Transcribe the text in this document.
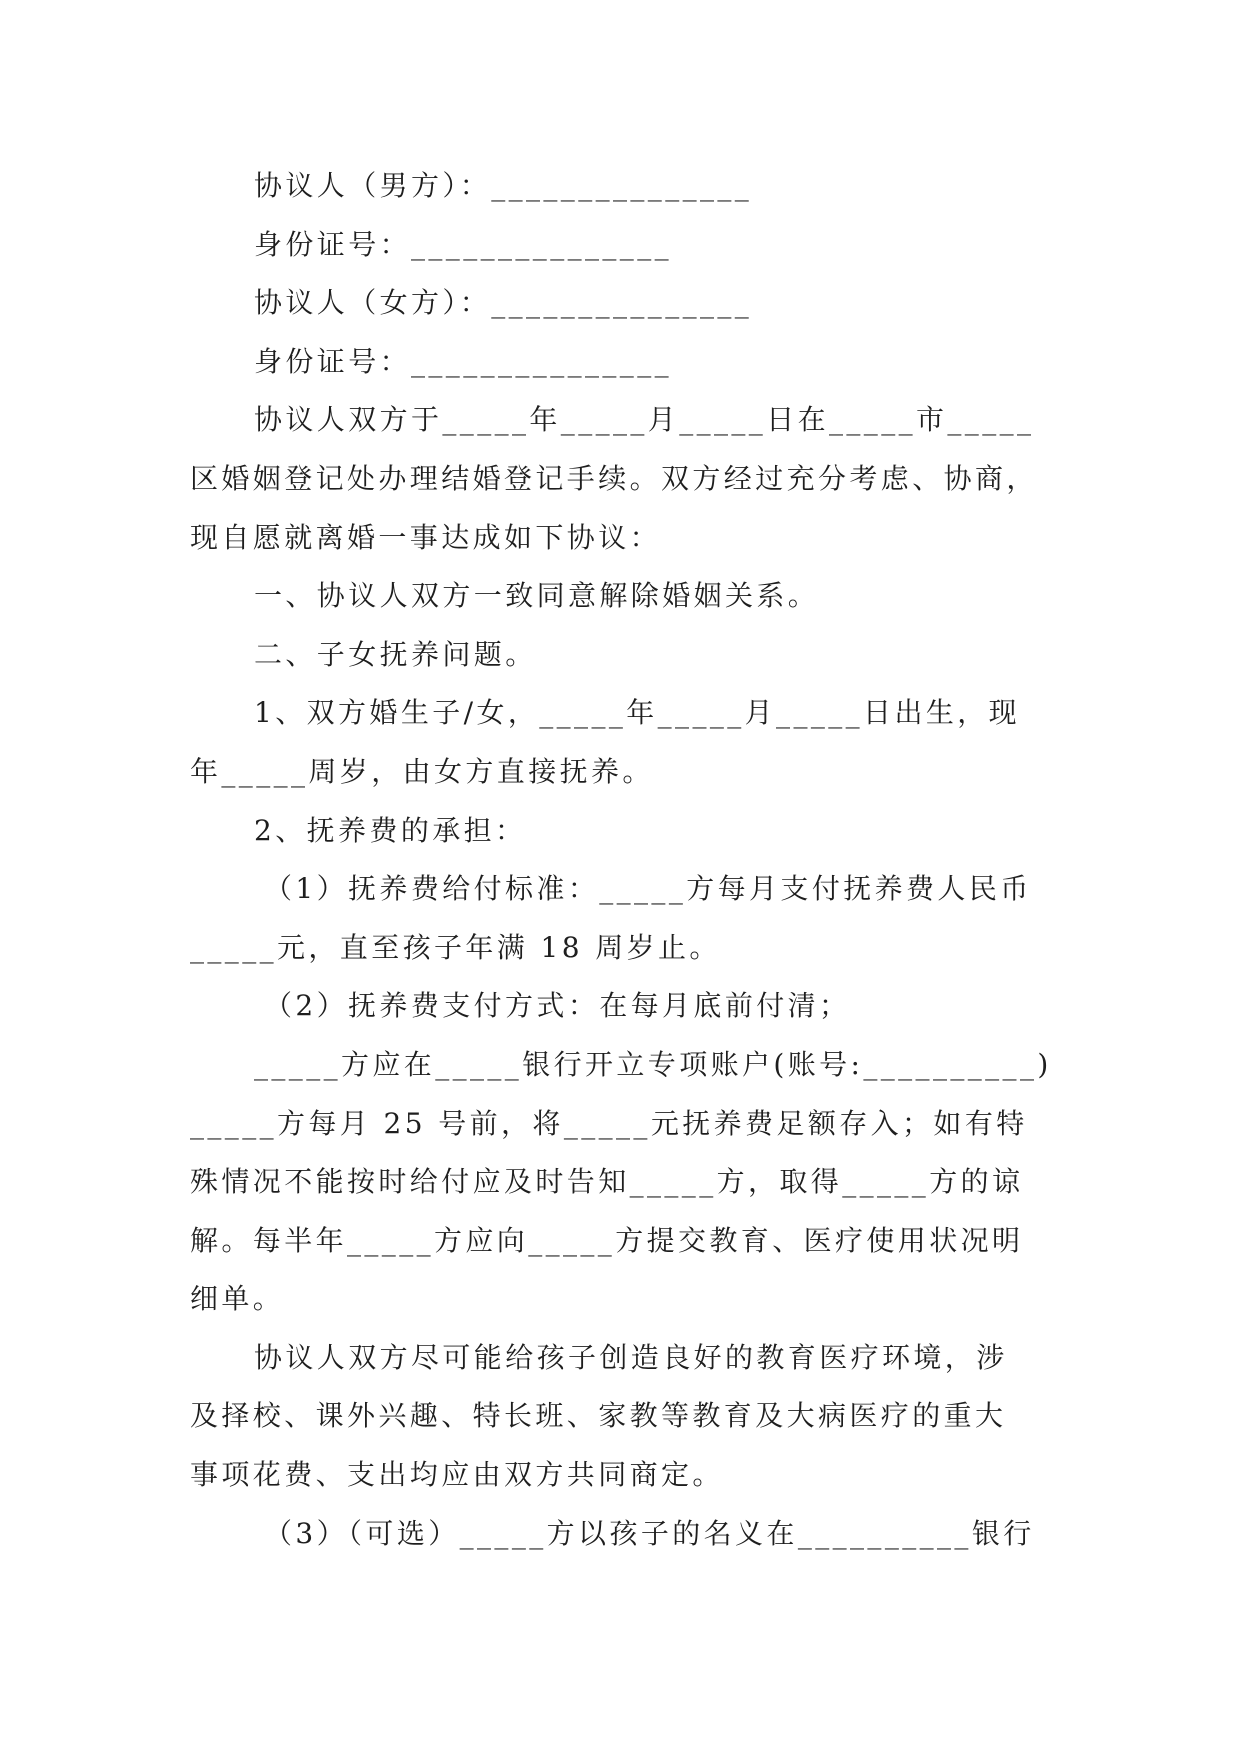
协议人（男方）：_______________

身份证号：_______________

协议人（女方）：_______________

身份证号：_______________

协议人双方于_____年_____月_____日在_____市_____

区婚姻登记处办理结婚登记手续。双方经过充分考虑、协商，

现自愿就离婚一事达成如下协议：

一、协议人双方一致同意解除婚姻关系。

二、子女抚养问题。

1、双方婚生子/女，_____年_____月_____日出生，现

年_____周岁，由女方直接抚养。

2、抚养费的承担：

（1）抚养费给付标准：_____方每月支付抚养费人民币

_____元，直至孩子年满 18 周岁止。

（2）抚养费支付方式：在每月底前付清；

_____方应在_____银行开立专项账户(账号:__________)

_____方每月 25 号前，将_____元抚养费足额存入；如有特

殊情况不能按时给付应及时告知_____方，取得_____方的谅

解。每半年_____方应向_____方提交教育、医疗使用状况明

细单。

协议人双方尽可能给孩子创造良好的教育医疗环境，涉

及择校、课外兴趣、特长班、家教等教育及大病医疗的重大

事项花费、支出均应由双方共同商定。

（3）（可选）_____方以孩子的名义在__________银行
